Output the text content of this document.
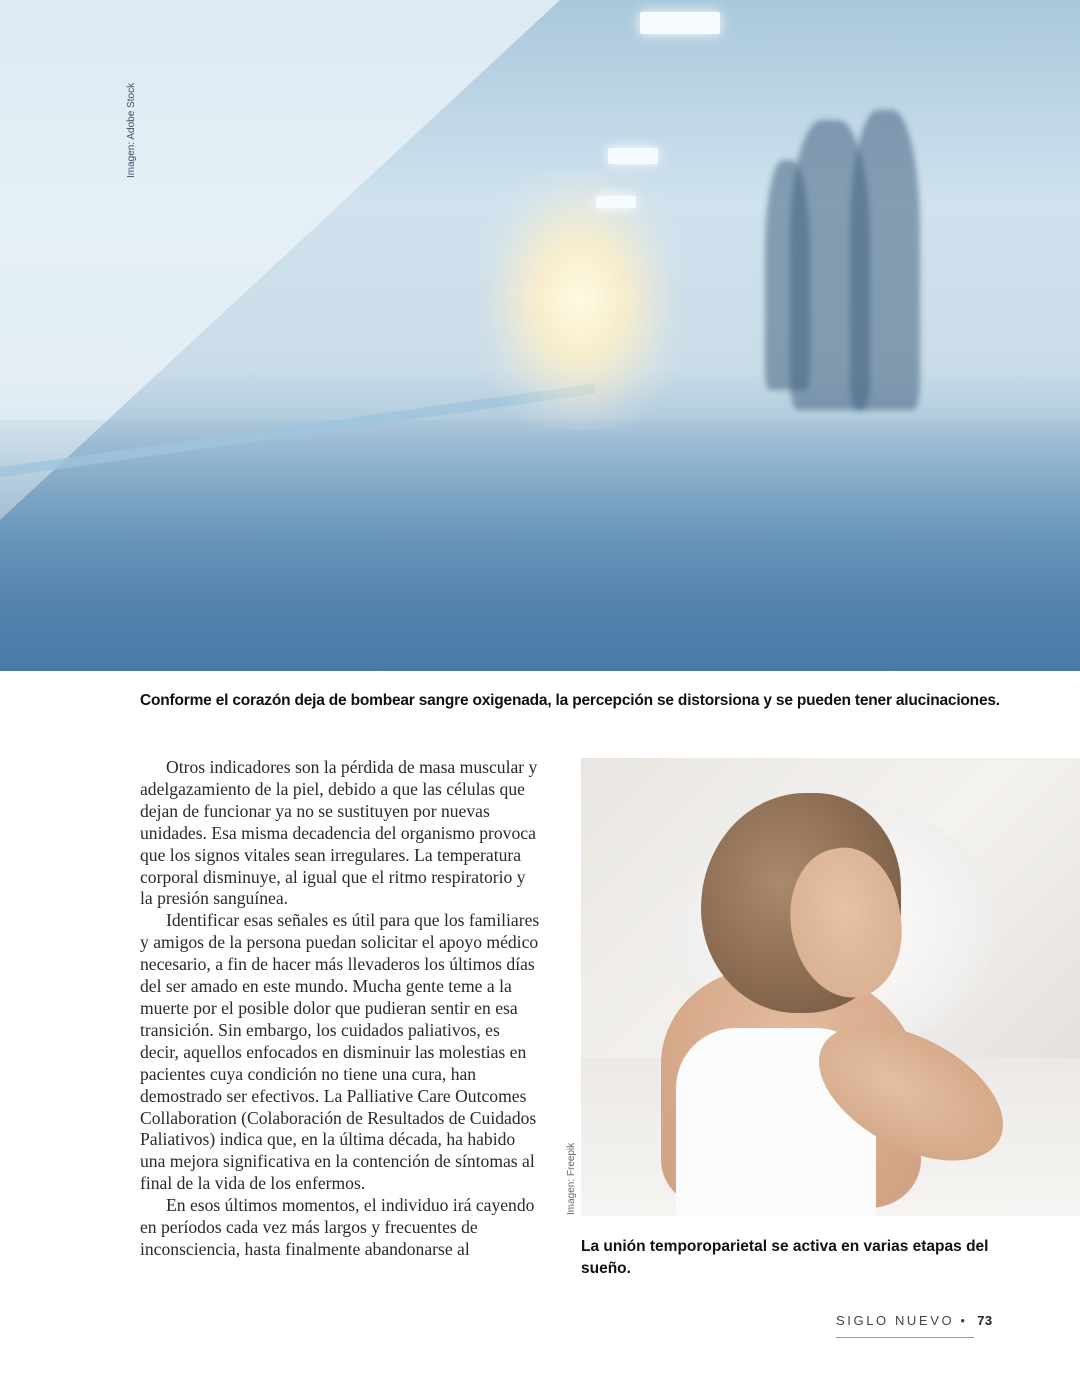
Imagen: Adobe Stock
Conforme el corazón deja de bombear sangre oxigenada, la percepción se distorsiona y se pueden tener alucinaciones.

Otros indicadores son la pérdida de masa muscular y adelgazamiento de la piel, debido a que las células que dejan de funcionar ya no se sustituyen por nuevas unidades. Esa misma decadencia del organismo provoca que los signos vitales sean irregulares. La temperatura corporal disminuye, al igual que el ritmo respiratorio y la presión sanguínea.

Identificar esas señales es útil para que los familiares y amigos de la persona puedan solicitar el apoyo médico necesario, a fin de hacer más llevaderos los últimos días del ser amado en este mundo. Mucha gente teme a la muerte por el posible dolor que pudieran sentir en esa transición. Sin embargo, los cuidados paliativos, es decir, aquellos enfocados en disminuir las molestias en pacientes cuya condición no tiene una cura, han demostrado ser efectivos. La Palliative Care Outcomes Collaboration (Colaboración de Resultados de Cuidados Paliativos) indica que, en la última década, ha habido una mejora significativa en la contención de síntomas al final de la vida de los enfermos.

En esos últimos momentos, el individuo irá cayendo en períodos cada vez más largos y frecuentes de inconsciencia, hasta finalmente abandonarse al

Imagen: Freepik
La unión temporoparietal se activa en varias etapas del sueño.
SIGLO NUEVO • 73
